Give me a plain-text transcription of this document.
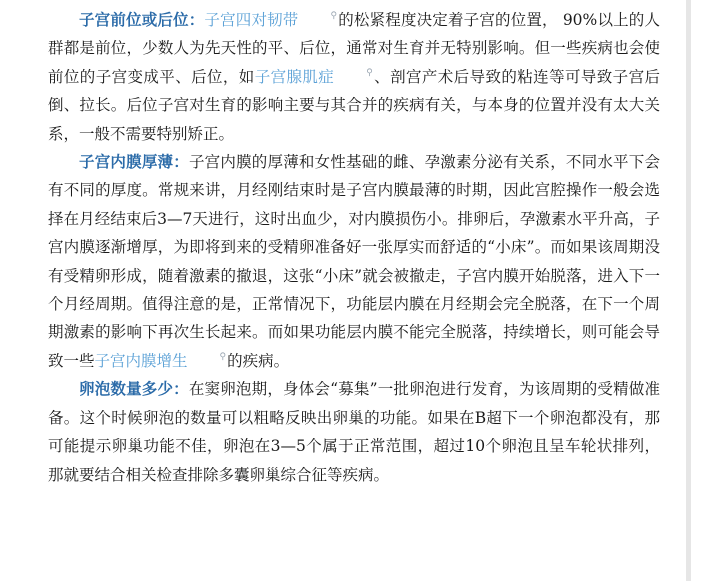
子宫前位或后位：子宫四对韧带	⚲的松紧程度决定着子宫的位置， 90%以上的人群都是前位，少数人为先天性的平、后位，通常对生育并无特别影响。但一些疾病也会使前位的子宫变成平、后位，如子宫腺肌症	⚲、剖宫产术后导致的粘连等可导致子宫后倒、拉长。后位子宫对生育的影响主要与其合并的疾病有关，与本身的位置并没有太大关系，一般不需要特别矫正。

子宫内膜厚薄：子宫内膜的厚薄和女性基础的雌、孕激素分泌有关系，不同水平下会有不同的厚度。常规来讲，月经刚结束时是子宫内膜最薄的时期，因此宫腔操作一般会选择在月经结束后3—7天进行，这时出血少，对内膜损伤小。排卵后，孕激素水平升高，子宫内膜逐渐增厚，为即将到来的受精卵准备好一张厚实而舒适的“小床”。而如果该周期没有受精卵形成，随着激素的撤退，这张“小床”就会被撤走，子宫内膜开始脱落，进入下一个月经周期。值得注意的是，正常情况下，功能层内膜在月经期会完全脱落，在下一个周期激素的影响下再次生长起来。而如果功能层内膜不能完全脱落，持续增长，则可能会导致一些子宫内膜增生	⚲的疾病。

卵泡数量多少：在窦卵泡期，身体会“募集”一批卵泡进行发育，为该周期的受精做准备。这个时候卵泡的数量可以粗略反映出卵巢的功能。如果在B超下一个卵泡都没有，那可能提示卵巢功能不佳，卵泡在3—5个属于正常范围，超过10个卵泡且呈车轮状排列，那就要结合相关检查排除多囊卵巢综合征等疾病。
